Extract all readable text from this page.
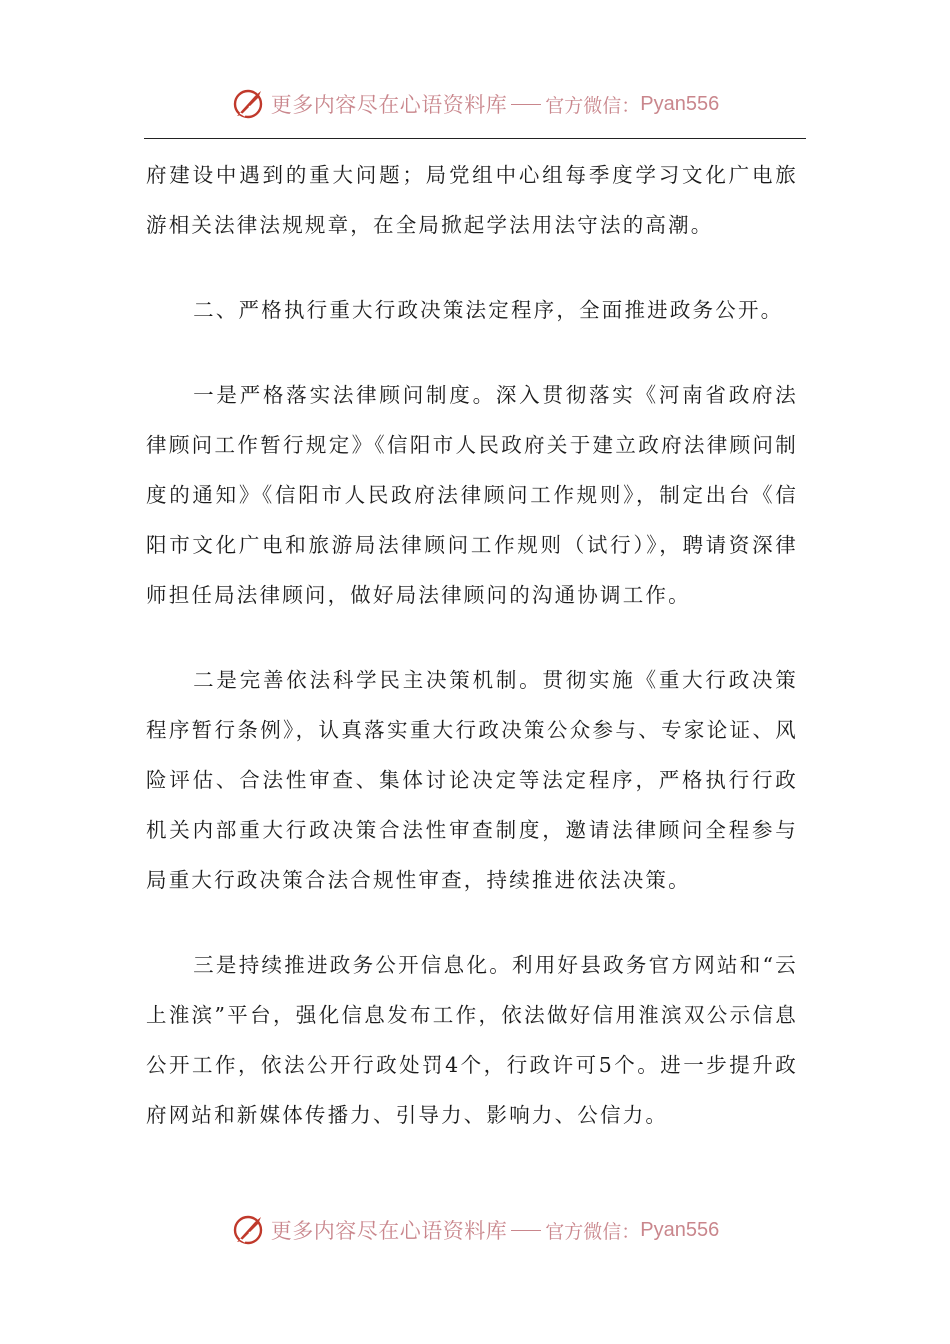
更多内容尽在心语资料库 官方微信： Pyan556

府建设中遇到的重大问题；局党组中心组每季度学习文化广电旅游相关法律法规规章，在全局掀起学法用法守法的高潮。

二、严格执行重大行政决策法定程序，全面推进政务公开。

一是严格落实法律顾问制度。深入贯彻落实《河南省政府法律顾问工作暂行规定》《信阳市人民政府关于建立政府法律顾问制度的通知》《信阳市人民政府法律顾问工作规则》，制定出台《信阳市文化广电和旅游局法律顾问工作规则（试行）》，聘请资深律师担任局法律顾问，做好局法律顾问的沟通协调工作。

二是完善依法科学民主决策机制。贯彻实施《重大行政决策程序暂行条例》，认真落实重大行政决策公众参与、专家论证、风险评估、合法性审查、集体讨论决定等法定程序，严格执行行政机关内部重大行政决策合法性审查制度，邀请法律顾问全程参与局重大行政决策合法合规性审查，持续推进依法决策。

三是持续推进政务公开信息化。利用好县政务官方网站和“云上淮滨”平台，强化信息发布工作，依法做好信用淮滨双公示信息公开工作，依法公开行政处罚4个，行政许可5个。进一步提升政府网站和新媒体传播力、引导力、影响力、公信力。

更多内容尽在心语资料库 官方微信： Pyan556
